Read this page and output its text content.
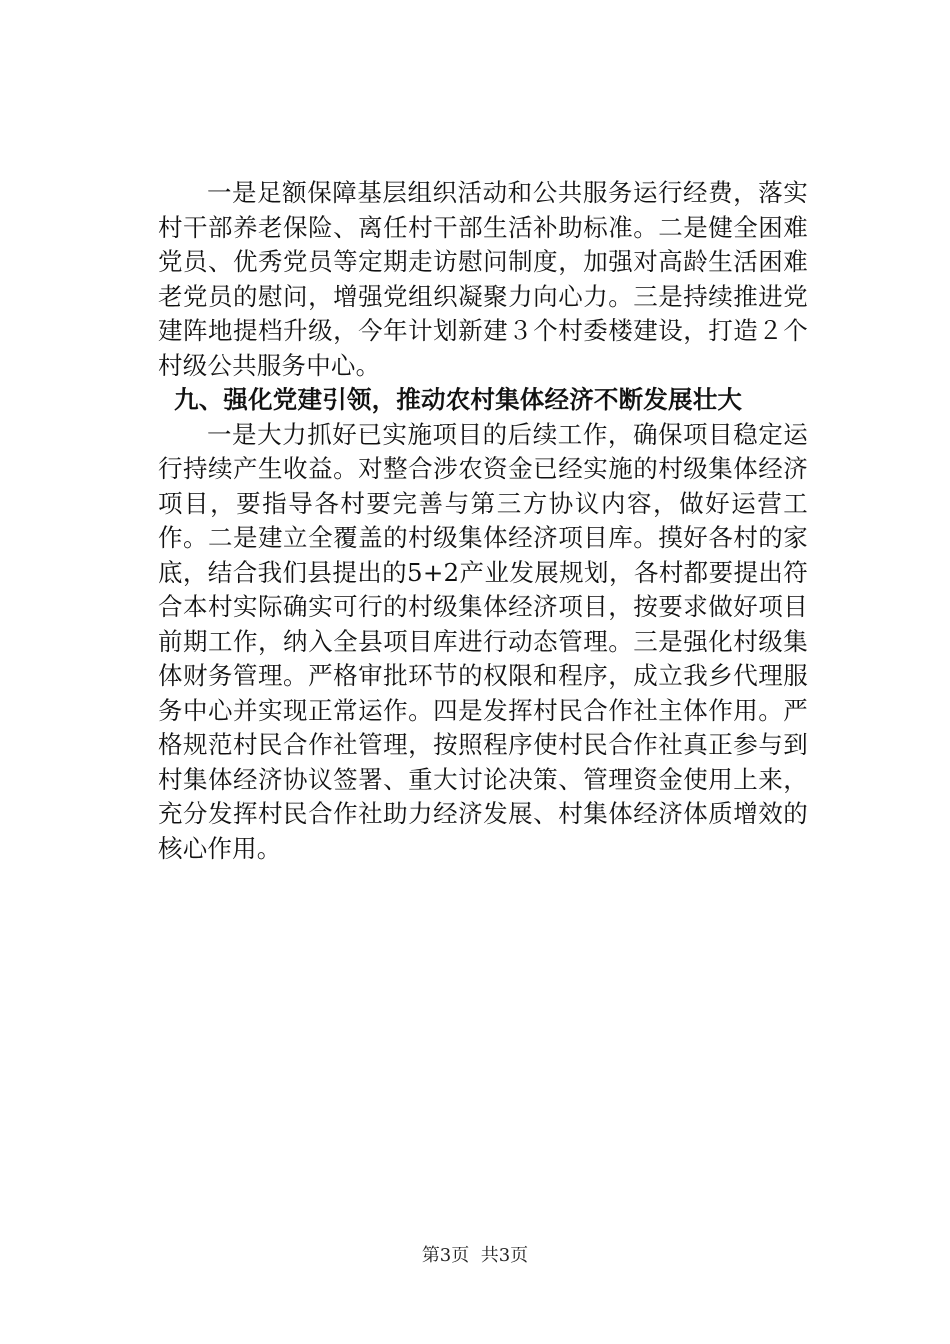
一是足额保障基层组织活动和公共服务运行经费，落实村干部养老保险、离任村干部生活补助标准。二是健全困难党员、优秀党员等定期走访慰问制度，加强对高龄生活困难老党员的慰问，增强党组织凝聚力向心力。三是持续推进党建阵地提档升级，今年计划新建３个村委楼建设，打造２个村级公共服务中心。

九、强化党建引领，推动农村集体经济不断发展壮大

一是大力抓好已实施项目的后续工作，确保项目稳定运行持续产生收益。对整合涉农资金已经实施的村级集体经济项目，要指导各村要完善与第三方协议内容，做好运营工作。二是建立全覆盖的村级集体经济项目库。摸好各村的家底，结合我们县提出的5+2产业发展规划，各村都要提出符合本村实际确实可行的村级集体经济项目，按要求做好项目前期工作，纳入全县项目库进行动态管理。三是强化村级集体财务管理。严格审批环节的权限和程序，成立我乡代理服务中心并实现正常运作。四是发挥村民合作社主体作用。严格规范村民合作社管理，按照程序使村民合作社真正参与到村集体经济协议签署、重大讨论决策、管理资金使用上来，充分发挥村民合作社助力经济发展、村集体经济体质增效的核心作用。

第3页  共3页
